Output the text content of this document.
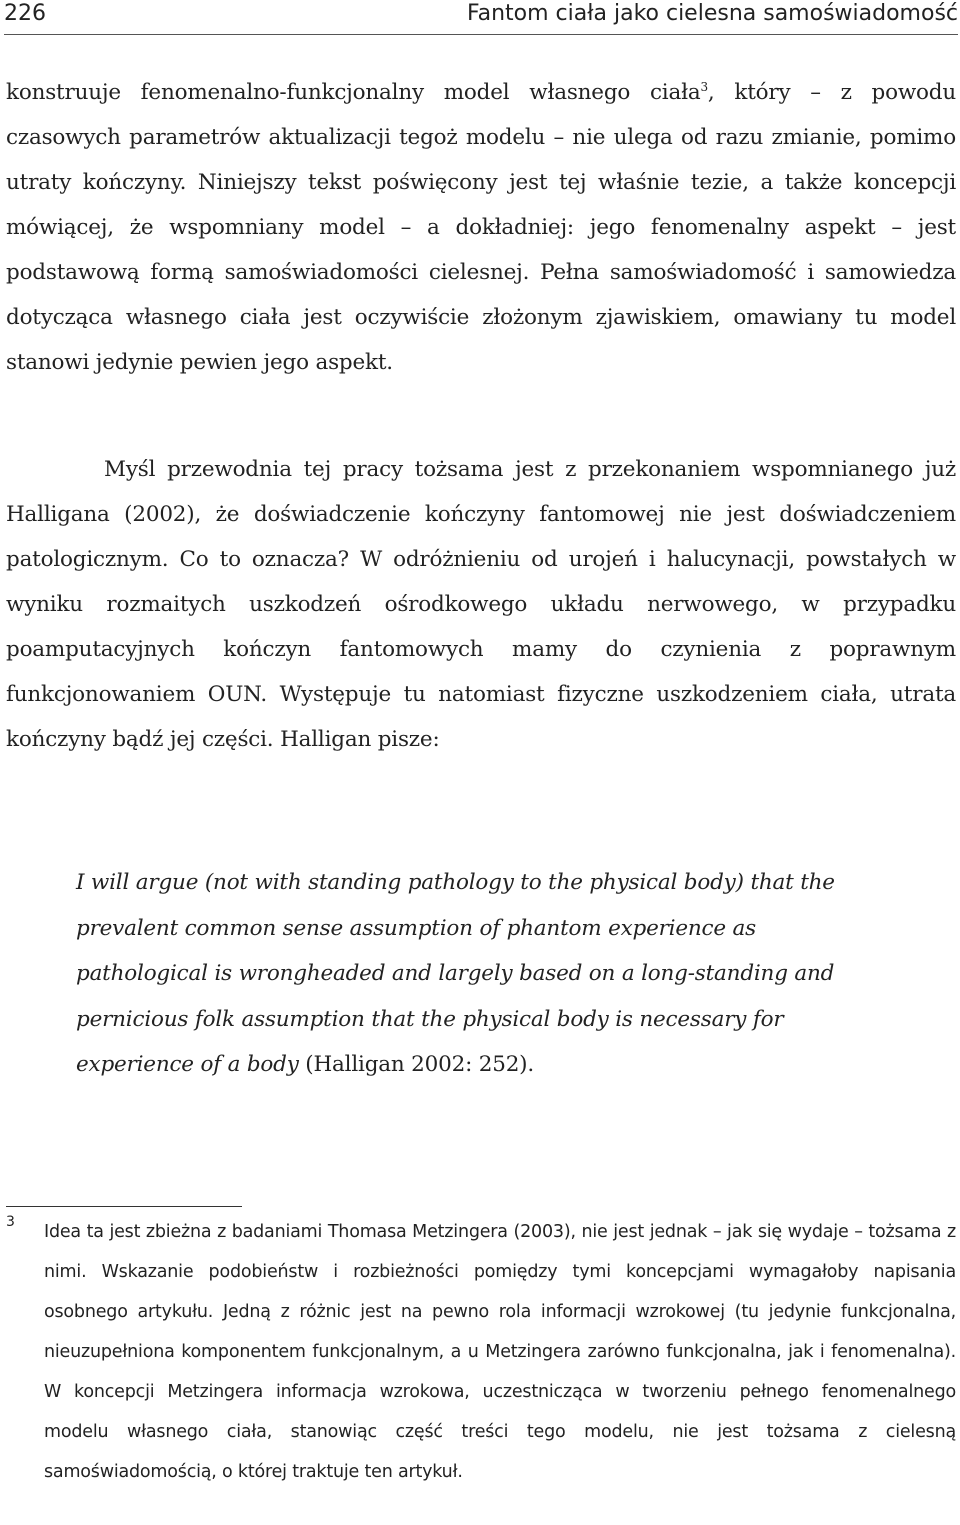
226	Fantom ciała jako cielesna samoświadomość

konstruuje fenomenalno-funkcjonalny model własnego ciała$^3$, który – z powodu czasowych parametrów aktualizacji tegoż modelu – nie ulega od razu zmianie, pomimo utraty kończyny. Niniejszy tekst poświęcony jest tej właśnie tezie, a także koncepcji mówiącej, że wspomniany model – a dokładniej: jego fenomenalny aspekt – jest podstawową formą samoświadomości cielesnej. Pełna samoświadomość i samowiedza dotycząca własnego ciała jest oczywiście złożonym zjawiskiem, omawiany tu model stanowi jedynie pewien jego aspekt.

Myśl przewodnia tej pracy tożsama jest z przekonaniem wspomnianego już Halligana (2002), że doświadczenie kończyny fantomowej nie jest doświadczeniem patologicznym. Co to oznacza? W odróżnieniu od urojeń i halucynacji, powstałych w wyniku rozmaitych uszkodzeń ośrodkowego układu nerwowego, w przypadku poamputacyjnych kończyn fantomowych mamy do czynienia z poprawnym funkcjonowaniem OUN. Występuje tu natomiast fizyczne uszkodzeniem ciała, utrata kończyny bądź jej części. Halligan pisze:

I will argue (not with standing pathology to the physical body) that the prevalent common sense assumption of phantom experience as pathological is wrongheaded and largely based on a long-standing and pernicious folk assumption that the physical body is necessary for experience of a body (Halligan 2002: 252).

3 Idea ta jest zbieżna z badaniami Thomasa Metzingera (2003), nie jest jednak – jak się wydaje – tożsama z nimi. Wskazanie podobieństw i rozbieżności pomiędzy tymi koncepcjami wymagałoby napisania osobnego artykułu. Jedną z różnic jest na pewno rola informacji wzrokowej (tu jedynie funkcjonalna, nieuzupełniona komponentem funkcjonalnym, a u Metzingera zarówno funkcjonalna, jak i fenomenalna). W koncepcji Metzingera informacja wzrokowa, uczestnicząca w tworzeniu pełnego fenomenalnego modelu własnego ciała, stanowiąc część treści tego modelu, nie jest tożsama z cielesną samoświadomością, o której traktuje ten artykuł.
